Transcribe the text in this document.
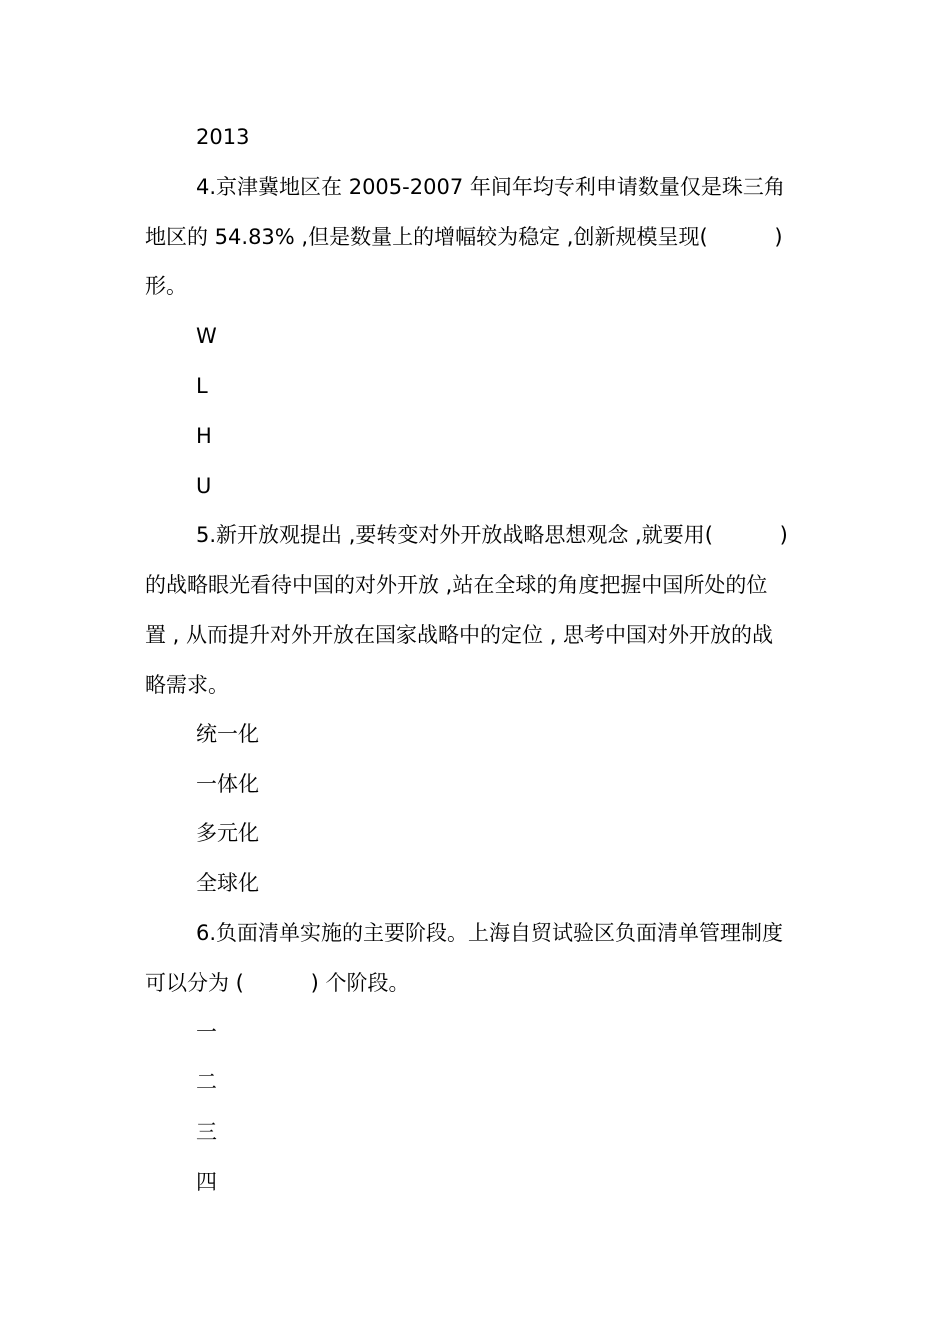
2013
4.京津冀地区在 2005-2007 年间年均专利申请数量仅是珠三角
地区的 54.83% ,但是数量上的增幅较为稳定 ,创新规模呈现(          )
形。
W
L
H
U
5.新开放观提出 ,要转变对外开放战略思想观念 ,就要用(          )
的战略眼光看待中国的对外开放 ,站在全球的角度把握中国所处的位
置 , 从而提升对外开放在国家战略中的定位 , 思考中国对外开放的战
略需求。
统一化
一体化
多元化
全球化
6.负面清单实施的主要阶段。上海自贸试验区负面清单管理制度
可以分为 (          ) 个阶段。
一
二
三
四
